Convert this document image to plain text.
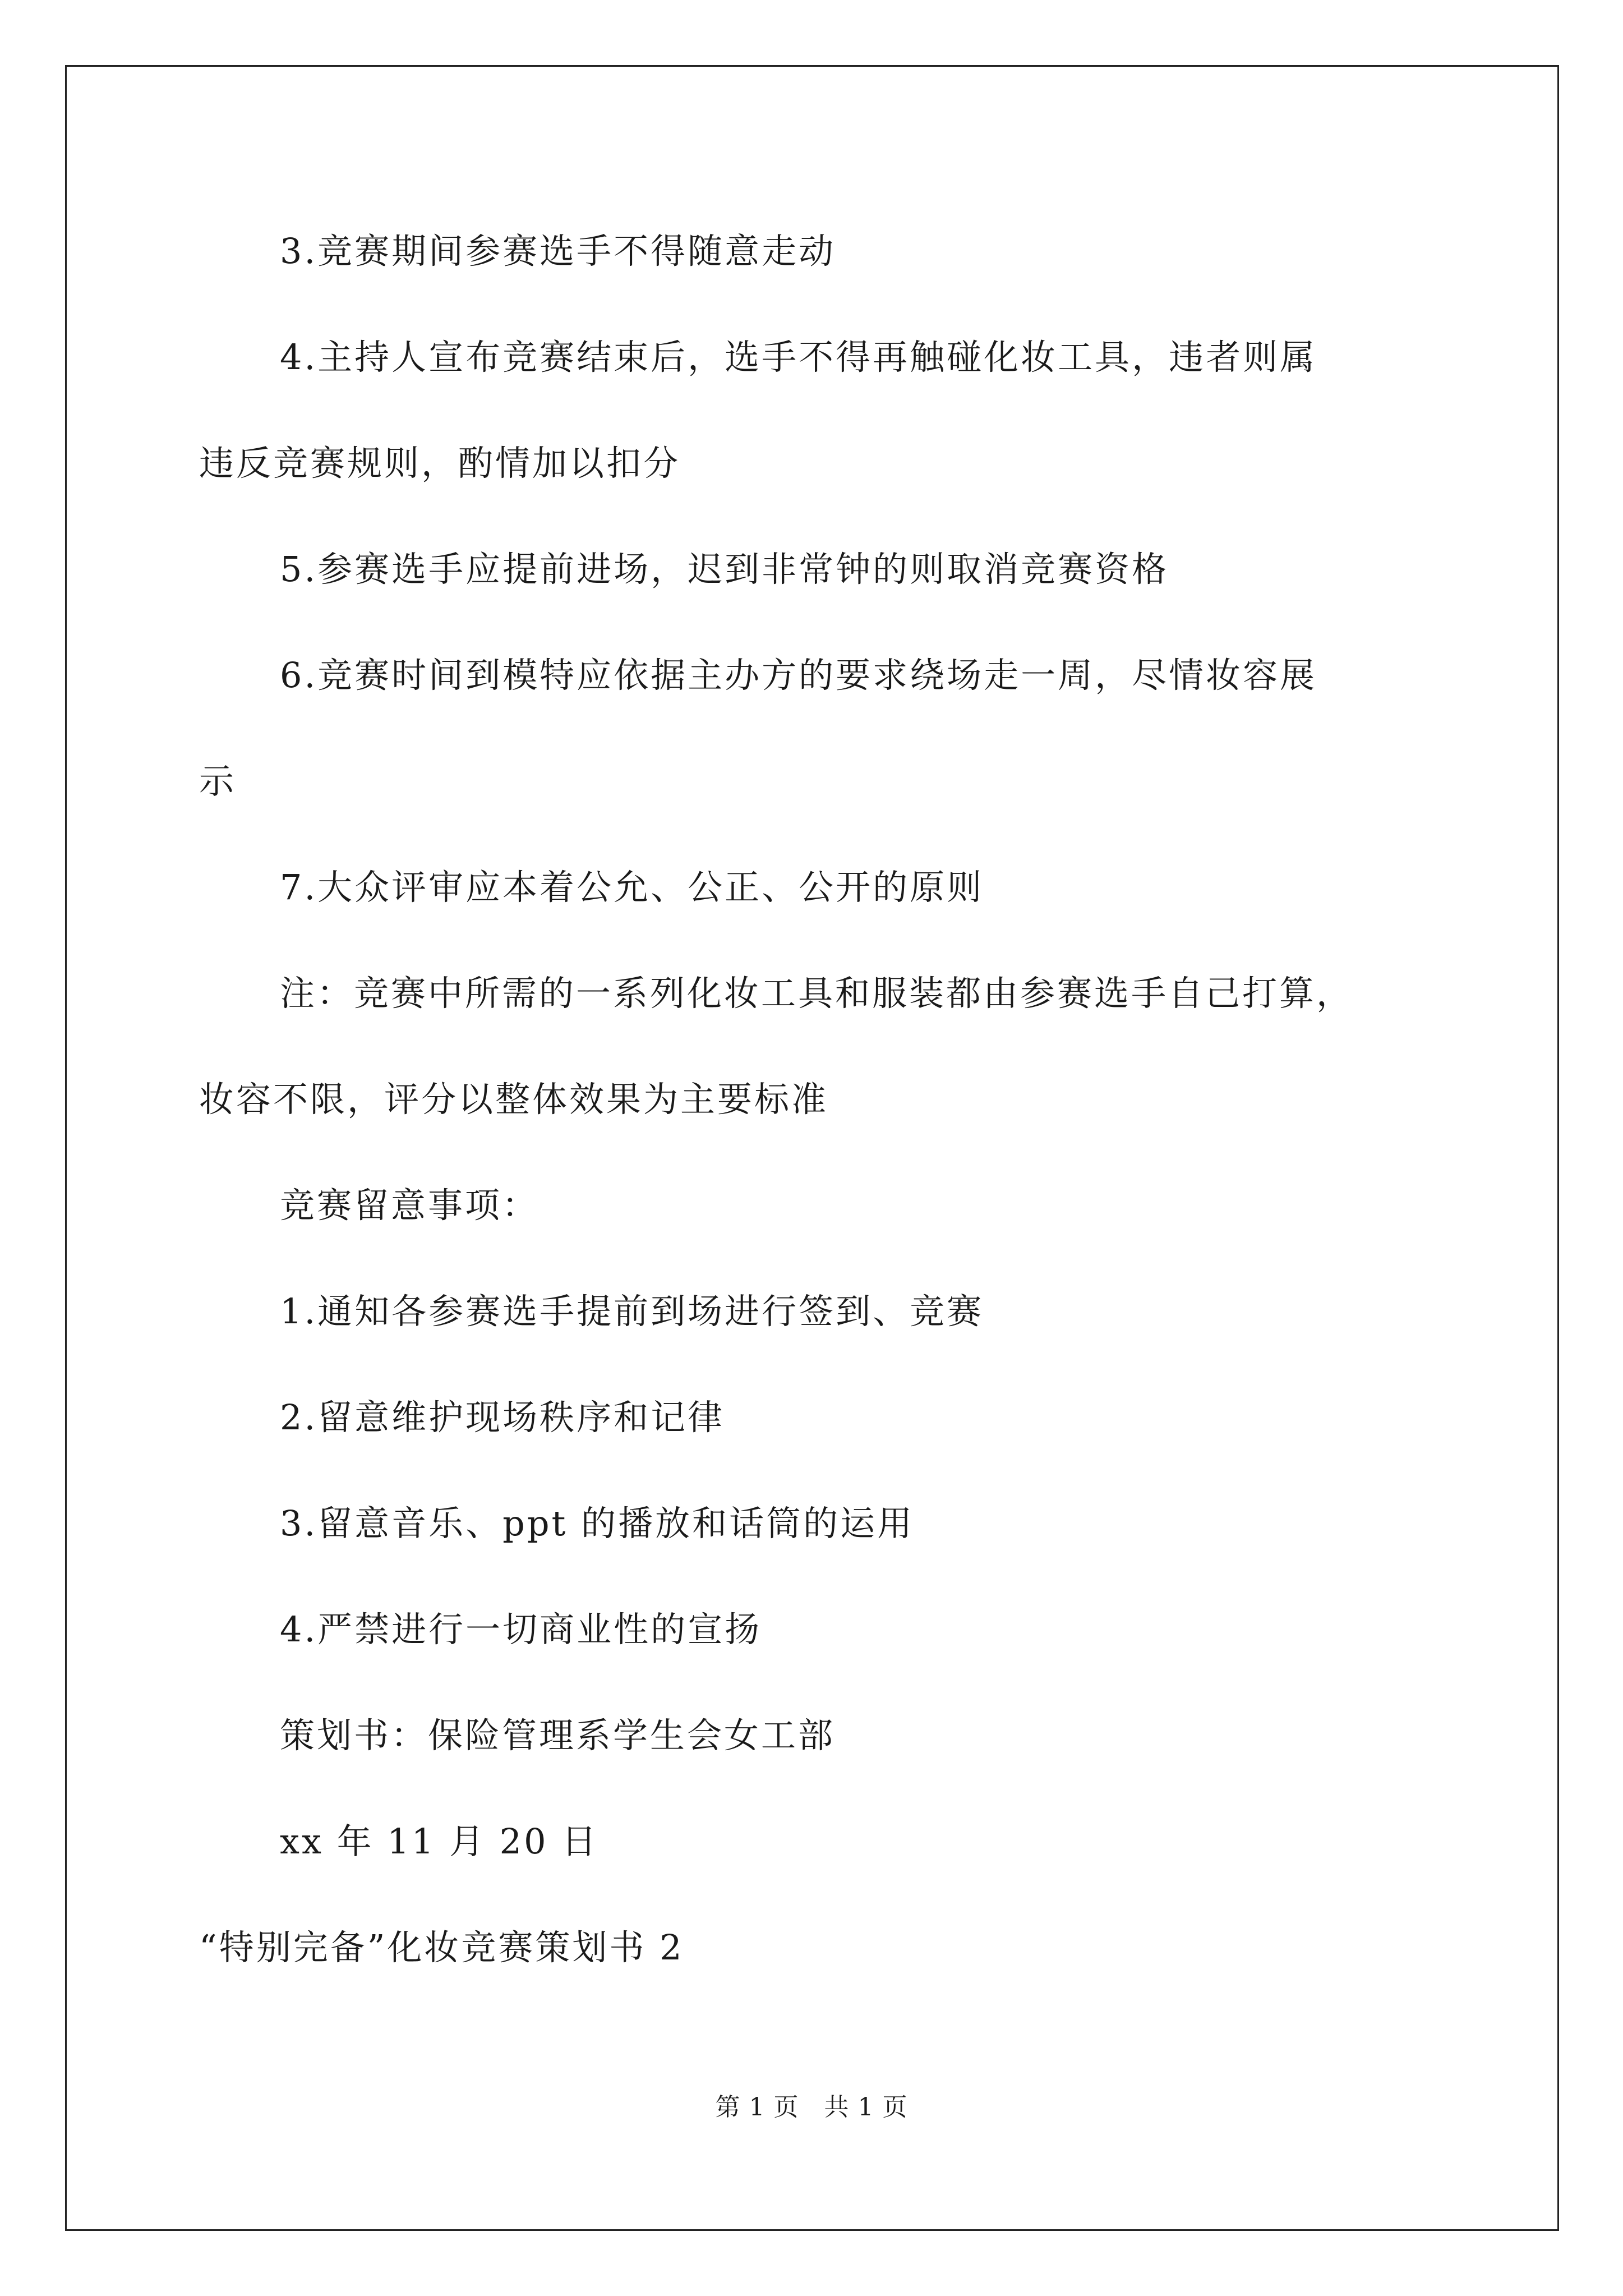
3.竞赛期间参赛选手不得随意走动
4.主持人宣布竞赛结束后，选手不得再触碰化妆工具，违者则属
违反竞赛规则，酌情加以扣分
5.参赛选手应提前进场，迟到非常钟的则取消竞赛资格
6.竞赛时间到模特应依据主办方的要求绕场走一周，尽情妆容展
示
7.大众评审应本着公允、公正、公开的原则
注：竞赛中所需的一系列化妆工具和服装都由参赛选手自己打算，
妆容不限，评分以整体效果为主要标准
竞赛留意事项：
1.通知各参赛选手提前到场进行签到、竞赛
2.留意维护现场秩序和记律
3.留意音乐、ppt 的播放和话筒的运用
4.严禁进行一切商业性的宣扬
策划书：保险管理系学生会女工部
xx 年 11 月 20 日
“特别完备”化妆竞赛策划书 2
第 1 页　共 1 页
